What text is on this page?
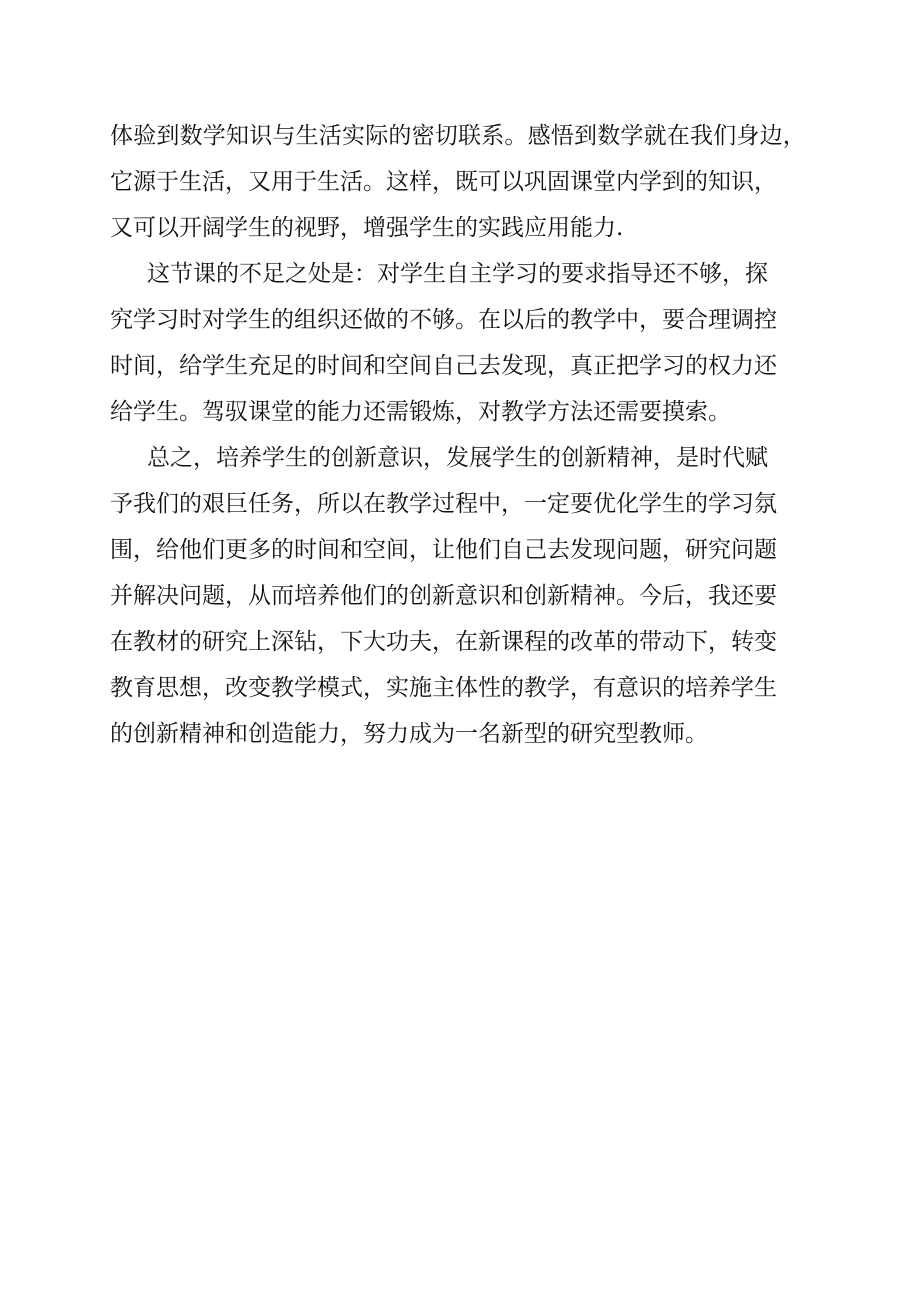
体验到数学知识与生活实际的密切联系。感悟到数学就在我们身边，
它源于生活，又用于生活。这样，既可以巩固课堂内学到的知识，
又可以开阔学生的视野，增强学生的实践应用能力.
这节课的不足之处是：对学生自主学习的要求指导还不够，探
究学习时对学生的组织还做的不够。在以后的教学中，要合理调控
时间，给学生充足的时间和空间自己去发现，真正把学习的权力还
给学生。驾驭课堂的能力还需锻炼，对教学方法还需要摸索。
总之，培养学生的创新意识，发展学生的创新精神，是时代赋
予我们的艰巨任务，所以在教学过程中，一定要优化学生的学习氛
围，给他们更多的时间和空间，让他们自己去发现问题，研究问题
并解决问题，从而培养他们的创新意识和创新精神。今后，我还要
在教材的研究上深钻，下大功夫，在新课程的改革的带动下，转变
教育思想，改变教学模式，实施主体性的教学，有意识的培养学生
的创新精神和创造能力，努力成为一名新型的研究型教师。
